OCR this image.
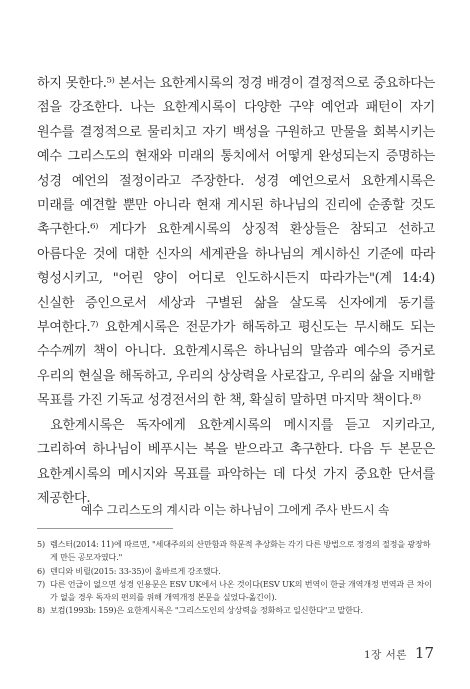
하지 못한다.⁵⁾ 본서는 요한계시록의 정경 배경이 결정적으로 중요하다는 점을 강조한다. 나는 요한계시록이 다양한 구약 예언과 패턴이 자기 원수를 결정적으로 물리치고 자기 백성을 구원하고 만물을 회복시키는 예수 그리스도의 현재와 미래의 통치에서 어떻게 완성되는지 증명하는 성경 예언의 절정이라고 주장한다. 성경 예언으로서 요한계시록은 미래를 예견할 뿐만 아니라 현재 게시된 하나님의 진리에 순종할 것도 촉구한다.⁶⁾ 게다가 요한계시록의 상징적 환상들은 참되고 선하고 아름다운 것에 대한 신자의 세계관을 하나님의 계시하신 기준에 따라 형성시키고, "어린 양이 어디로 인도하시든지 따라가는"(계 14:4) 신실한 증인으로서 세상과 구별된 삶을 살도록 신자에게 동기를 부여한다.⁷⁾ 요한계시록은 전문가가 해독하고 평신도는 무시해도 되는 수수께끼 책이 아니다. 요한계시록은 하나님의 말씀과 예수의 증거로 우리의 현실을 해독하고, 우리의 상상력을 사로잡고, 우리의 삶을 지배할 목표를 가진 기독교 성경전서의 한 책, 확실히 말하면 마지막 책이다.⁸⁾

요한계시록은 독자에게 요한계시록의 메시지를 듣고 지키라고, 그리하여 하나님이 베푸시는 복을 받으라고 촉구한다. 다음 두 본문은 요한계시록의 메시지와 목표를 파악하는 데 다섯 가지 중요한 단서를 제공한다.

예수 그리스도의 계시라 이는 하나님이 그에게 주사 반드시 속
5) 렘스터(2014: 11)에 따르면, "세대주의의 산만함과 학문적 추상화는 각기 다른 방법으로 정경의 절정을 광장하게 만든 공모자였다."
6) 덴디와 비릴(2015: 33-35)이 올바르게 강조했다.
7) 다른 언급이 없으면 성경 인용문은 ESV UK에서 나온 것이다(ESV UK의 번역이 한글 개역개정 번역과 큰 차이가 없을 경우 독자의 편의를 위해 개역개정 본문을 실었다-옮긴이).
8) 보컴(1993b: 159)은 요한계시록은 "그리스도인의 상상력을 정화하고 일신한다"고 말한다.
1장 서론 17
